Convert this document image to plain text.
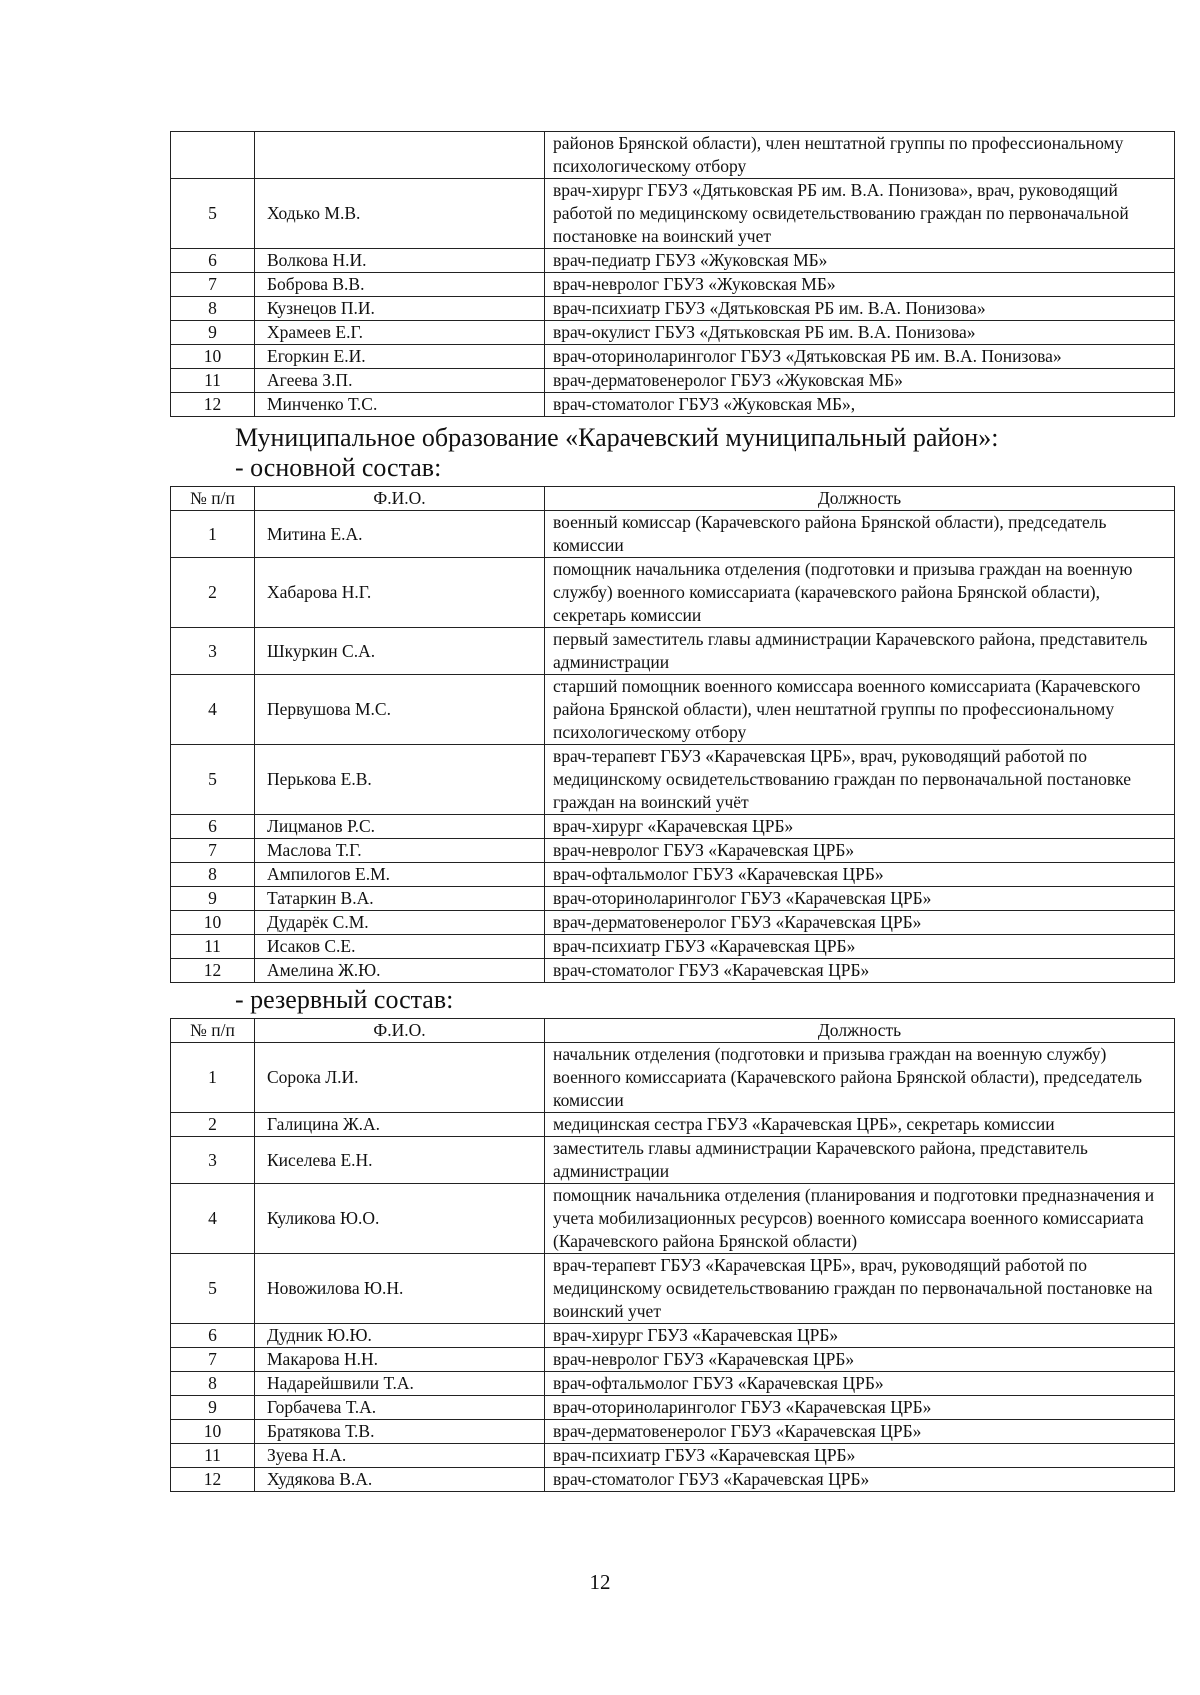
		районов Брянской области), член нештатной группы по профессиональному психологическому отбору
5	Ходько М.В.	врач-хирург ГБУЗ «Дятьковская РБ им. В.А. Понизова», врач, руководящий работой по медицинскому освидетельствованию граждан по первоначальной постановке на воинский учет
6	Волкова Н.И.	врач-педиатр ГБУЗ «Жуковская МБ»
7	Боброва В.В.	врач-невролог ГБУЗ «Жуковская МБ»
8	Кузнецов П.И.	врач-психиатр ГБУЗ «Дятьковская РБ им. В.А. Понизова»
9	Храмеев Е.Г.	врач-окулист ГБУЗ «Дятьковская РБ им. В.А. Понизова»
10	Егоркин Е.И.	врач-оториноларинголог ГБУЗ «Дятьковская РБ им. В.А. Понизова»
11	Агеева З.П.	врач-дерматовенеролог ГБУЗ «Жуковская МБ»
12	Минченко Т.С.	врач-стоматолог ГБУЗ «Жуковская МБ»,
Муниципальное образование «Карачевский муниципальный район»:
- основной состав:
№ п/п	Ф.И.О.	Должность
1	Митина Е.А.	военный комиссар (Карачевского района Брянской области), председатель комиссии
2	Хабарова Н.Г.	помощник начальника отделения (подготовки и призыва граждан на военную службу) военного комиссариата (карачевского района Брянской области), секретарь комиссии
3	Шкуркин С.А.	первый заместитель главы администрации Карачевского района, представитель администрации
4	Первушова М.С.	старший помощник военного комиссара военного комиссариата (Карачевского района Брянской области), член нештатной группы по профессиональному психологическому отбору
5	Перькова Е.В.	врач-терапевт ГБУЗ «Карачевская ЦРБ», врач, руководящий работой по медицинскому освидетельствованию граждан по первоначальной постановке граждан на воинский учёт
6	Лицманов Р.С.	врач-хирург «Карачевская ЦРБ»
7	Маслова Т.Г.	врач-невролог ГБУЗ «Карачевская ЦРБ»
8	Ампилогов Е.М.	врач-офтальмолог ГБУЗ «Карачевская ЦРБ»
9	Татаркин В.А.	врач-оториноларинголог ГБУЗ «Карачевская ЦРБ»
10	Дударёк С.М.	врач-дерматовенеролог ГБУЗ «Карачевская ЦРБ»
11	Исаков С.Е.	врач-психиатр ГБУЗ «Карачевская ЦРБ»
12	Амелина Ж.Ю.	врач-стоматолог ГБУЗ «Карачевская ЦРБ»
- резервный состав:
№ п/п	Ф.И.О.	Должность
1	Сорока Л.И.	начальник отделения (подготовки и призыва граждан на военную службу) военного комиссариата (Карачевского района Брянской области), председатель комиссии
2	Галицина Ж.А.	медицинская сестра ГБУЗ «Карачевская ЦРБ», секретарь комиссии
3	Киселева Е.Н.	заместитель главы администрации Карачевского района, представитель администрации
4	Куликова Ю.О.	помощник начальника отделения (планирования и подготовки предназначения и учета мобилизационных ресурсов) военного комиссара военного комиссариата (Карачевского района Брянской области)
5	Новожилова Ю.Н.	врач-терапевт ГБУЗ «Карачевская ЦРБ», врач, руководящий работой по медицинскому освидетельствованию граждан по первоначальной постановке на воинский учет
6	Дудник Ю.Ю.	врач-хирург ГБУЗ «Карачевская ЦРБ»
7	Макарова Н.Н.	врач-невролог ГБУЗ «Карачевская ЦРБ»
8	Надарейшвили Т.А.	врач-офтальмолог ГБУЗ «Карачевская ЦРБ»
9	Горбачева Т.А.	врач-оториноларинголог ГБУЗ «Карачевская ЦРБ»
10	Братякова Т.В.	врач-дерматовенеролог ГБУЗ «Карачевская ЦРБ»
11	Зуева Н.А.	врач-психиатр ГБУЗ «Карачевская ЦРБ»
12	Худякова В.А.	врач-стоматолог ГБУЗ «Карачевская ЦРБ»
12
